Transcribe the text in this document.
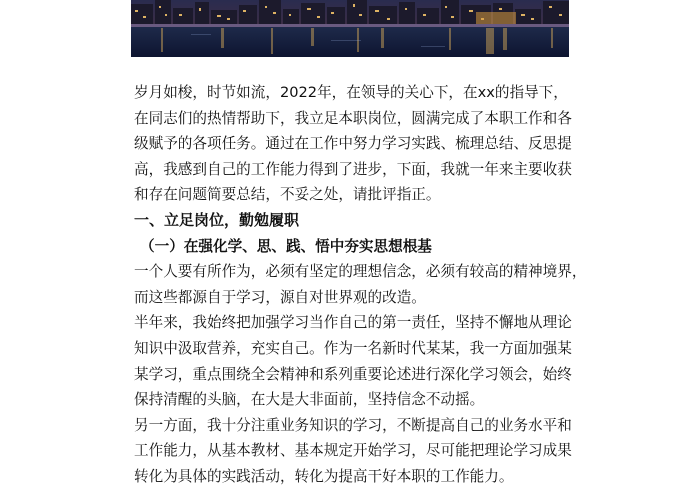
岁月如梭，时节如流，2022年，在领导的关心下，在xx的指导下，
在同志们的热情帮助下，我立足本职岗位，圆满完成了本职工作和各
级赋予的各项任务。通过在工作中努力学习实践、梳理总结、反思提
高，我感到自己的工作能力得到了进步，下面，我就一年来主要收获
和存在问题简要总结，不妥之处，请批评指正。

一、立足岗位，勤勉履职
（一）在强化学、思、践、悟中夯实思想根基

一个人要有所作为，必须有坚定的理想信念，必须有较高的精神境界，
而这些都源自于学习，源自对世界观的改造。

半年来，我始终把加强学习当作自己的第一责任，坚持不懈地从理论
知识中汲取营养，充实自己。作为一名新时代某某，我一方面加强某
某学习，重点围绕全会精神和系列重要论述进行深化学习领会，始终
保持清醒的头脑，在大是大非面前，坚持信念不动摇。

另一方面，我十分注重业务知识的学习，不断提高自己的业务水平和
工作能力，从基本教材、基本规定开始学习，尽可能把理论学习成果
转化为具体的实践活动，转化为提高干好本职的工作能力。
